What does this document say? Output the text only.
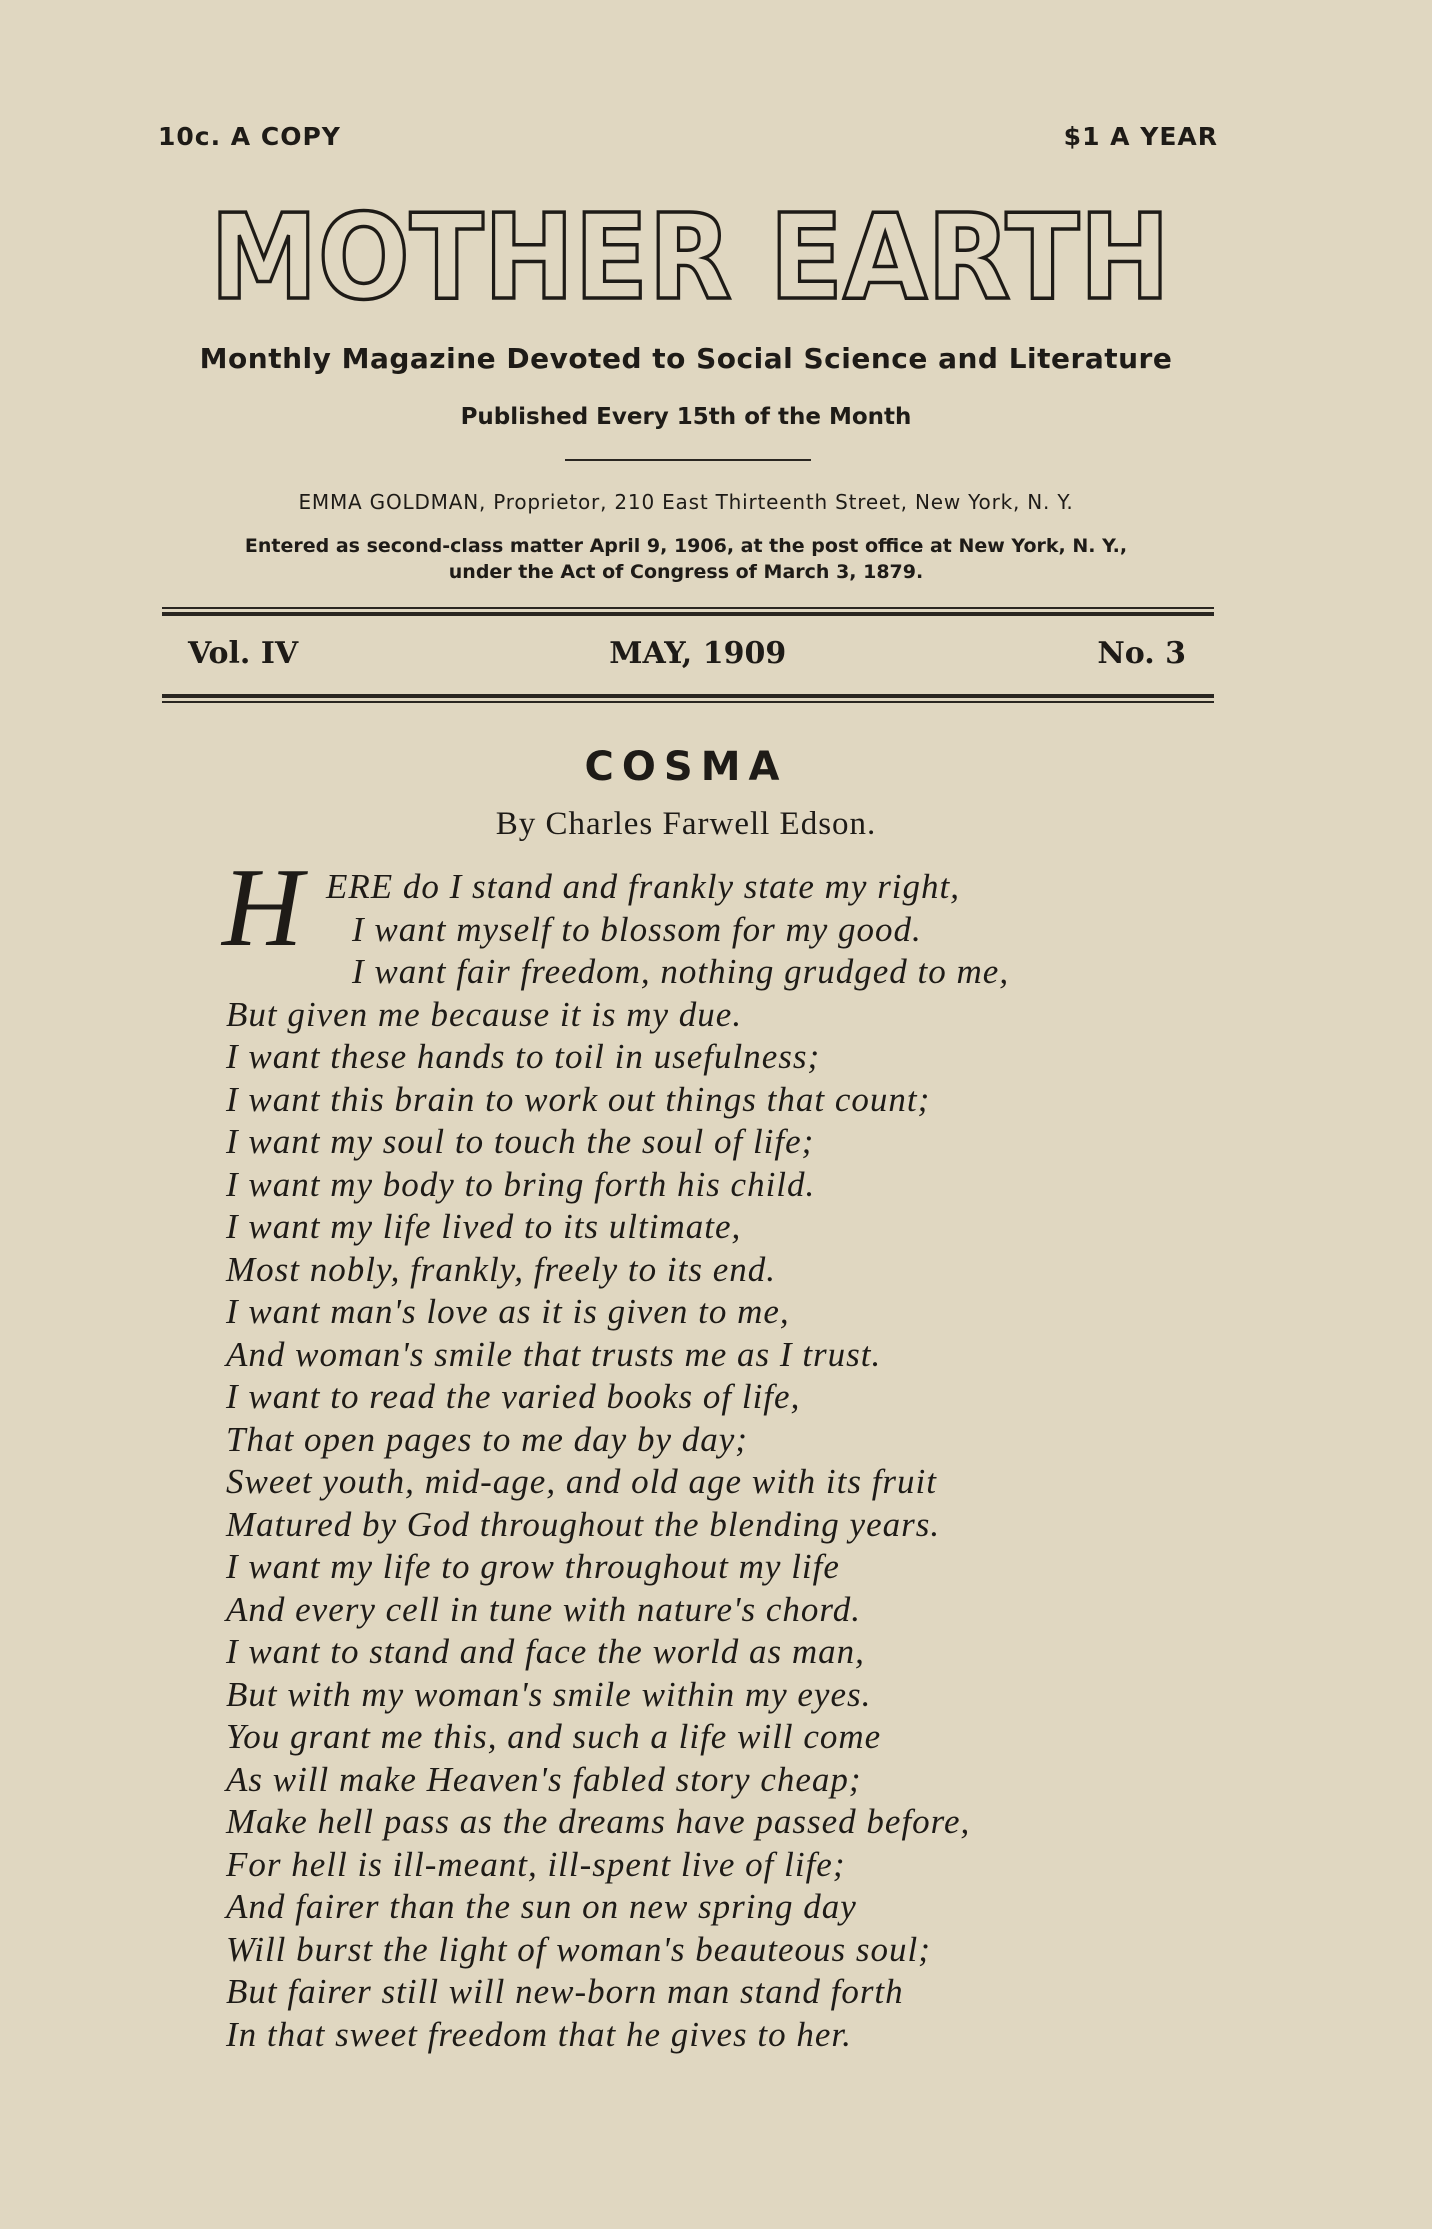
10c. A COPY	$1 A YEAR
MOTHER EARTH
Monthly Magazine Devoted to Social Science and Literature
Published Every 15th of the Month
EMMA GOLDMAN, Proprietor, 210 East Thirteenth Street, New York, N. Y.
Entered as second-class matter April 9, 1906, at the post office at New York, N. Y.,
under the Act of Congress of March 3, 1879.
Vol. IV	MAY, 1909	No. 3
COSMA
By Charles Farwell Edson.
H ERE do I stand and frankly state my right,
I want myself to blossom for my good.
I want fair freedom, nothing grudged to me,
But given me because it is my due.
I want these hands to toil in usefulness;
I want this brain to work out things that count;
I want my soul to touch the soul of life;
I want my body to bring forth his child.
I want my life lived to its ultimate,
Most nobly, frankly, freely to its end.
I want man's love as it is given to me,
And woman's smile that trusts me as I trust.
I want to read the varied books of life,
That open pages to me day by day;
Sweet youth, mid-age, and old age with its fruit
Matured by God throughout the blending years.
I want my life to grow throughout my life
And every cell in tune with nature's chord.
I want to stand and face the world as man,
But with my woman's smile within my eyes.
You grant me this, and such a life will come
As will make Heaven's fabled story cheap;
Make hell pass as the dreams have passed before,
For hell is ill-meant, ill-spent live of life;
And fairer than the sun on new spring day
Will burst the light of woman's beauteous soul;
But fairer still will new-born man stand forth
In that sweet freedom that he gives to her.
